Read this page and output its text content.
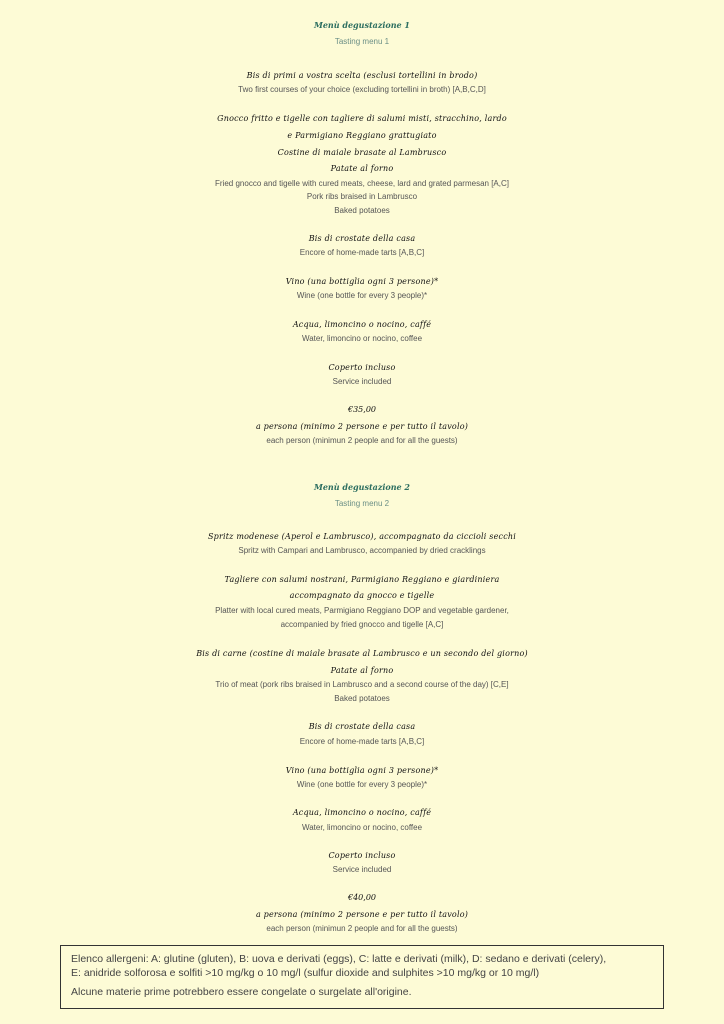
Menù degustazione 1
Tasting menu 1
Bis di primi a vostra scelta (esclusi tortellini in brodo)
Two first courses of your choice (excluding tortellini in broth) [A,B,C,D]
Gnocco fritto e tigelle con tagliere di salumi misti, stracchino, lardo
e Parmigiano Reggiano grattugiato
Costine di maiale brasate al Lambrusco
Patate al forno
Fried gnocco and tigelle with cured meats, cheese, lard and grated parmesan [A,C]
Pork ribs braised in Lambrusco
Baked potatoes
Bis di crostate della casa
Encore of home-made tarts [A,B,C]
Vino (una bottiglia ogni 3 persone)*
Wine (one bottle for every 3 people)*
Acqua, limoncino o nocino, caffé
Water, limoncino or nocino, coffee
Coperto incluso
Service included
€35,00
a persona (minimo 2 persone e per tutto il tavolo)
each person (minimun 2 people and for all the guests)
Menù degustazione 2
Tasting menu 2
Spritz modenese (Aperol e Lambrusco), accompagnato da ciccioli secchi
Spritz with Campari and Lambrusco, accompanied by dried cracklings
Tagliere con salumi nostrani, Parmigiano Reggiano e giardiniera
accompagnato da gnocco e tigelle
Platter with local cured meats, Parmigiano Reggiano DOP and vegetable gardener,
accompanied by fried gnocco and tigelle [A,C]
Bis di carne (costine di maiale brasate al Lambrusco e un secondo del giorno)
Patate al forno
Trio of meat (pork ribs braised in Lambrusco and a second course of the day) [C,E]
Baked potatoes
Bis di crostate della casa
Encore of home-made tarts [A,B,C]
Vino (una bottiglia ogni 3 persone)*
Wine (one bottle for every 3 people)*
Acqua, limoncino o nocino, caffé
Water, limoncino or nocino, coffee
Coperto incluso
Service included
€40,00
a persona (minimo 2 persone e per tutto il tavolo)
each person (minimun 2 people and for all the guests)
Elenco allergeni: A: glutine (gluten), B: uova e derivati (eggs), C: latte e derivati (milk), D: sedano e derivati (celery),
E: anidride solforosa e solfiti >10 mg/kg o 10 mg/l (sulfur dioxide and sulphites >10 mg/kg or 10 mg/l)
Alcune materie prime potrebbero essere congelate o surgelate all'origine.
